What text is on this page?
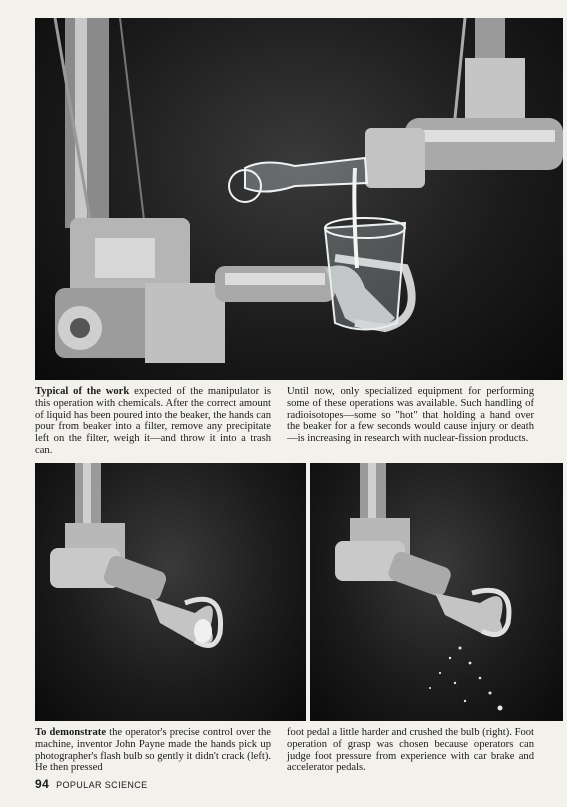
Typical of the work expected of the manipulator is this operation with chemicals. After the correct amount of liquid has been poured into the beaker, the hands can pour from beaker into a filter, remove any precipitate left on the filter, weigh it—and throw it into a trash can.
Until now, only specialized equipment for performing some of these operations was available. Such handling of radioisotopes—some so "hot" that holding a hand over the beaker for a few seconds would cause injury or death—is increasing in research with nuclear-fission products.
To demonstrate the operator's precise control over the machine, inventor John Payne made the hands pick up photographer's flash bulb so gently it didn't crack (left). He then pressed
foot pedal a little harder and crushed the bulb (right). Foot operation of grasp was chosen because operators can judge foot pressure from experience with car brake and accelerator pedals.
94 POPULAR SCIENCE
